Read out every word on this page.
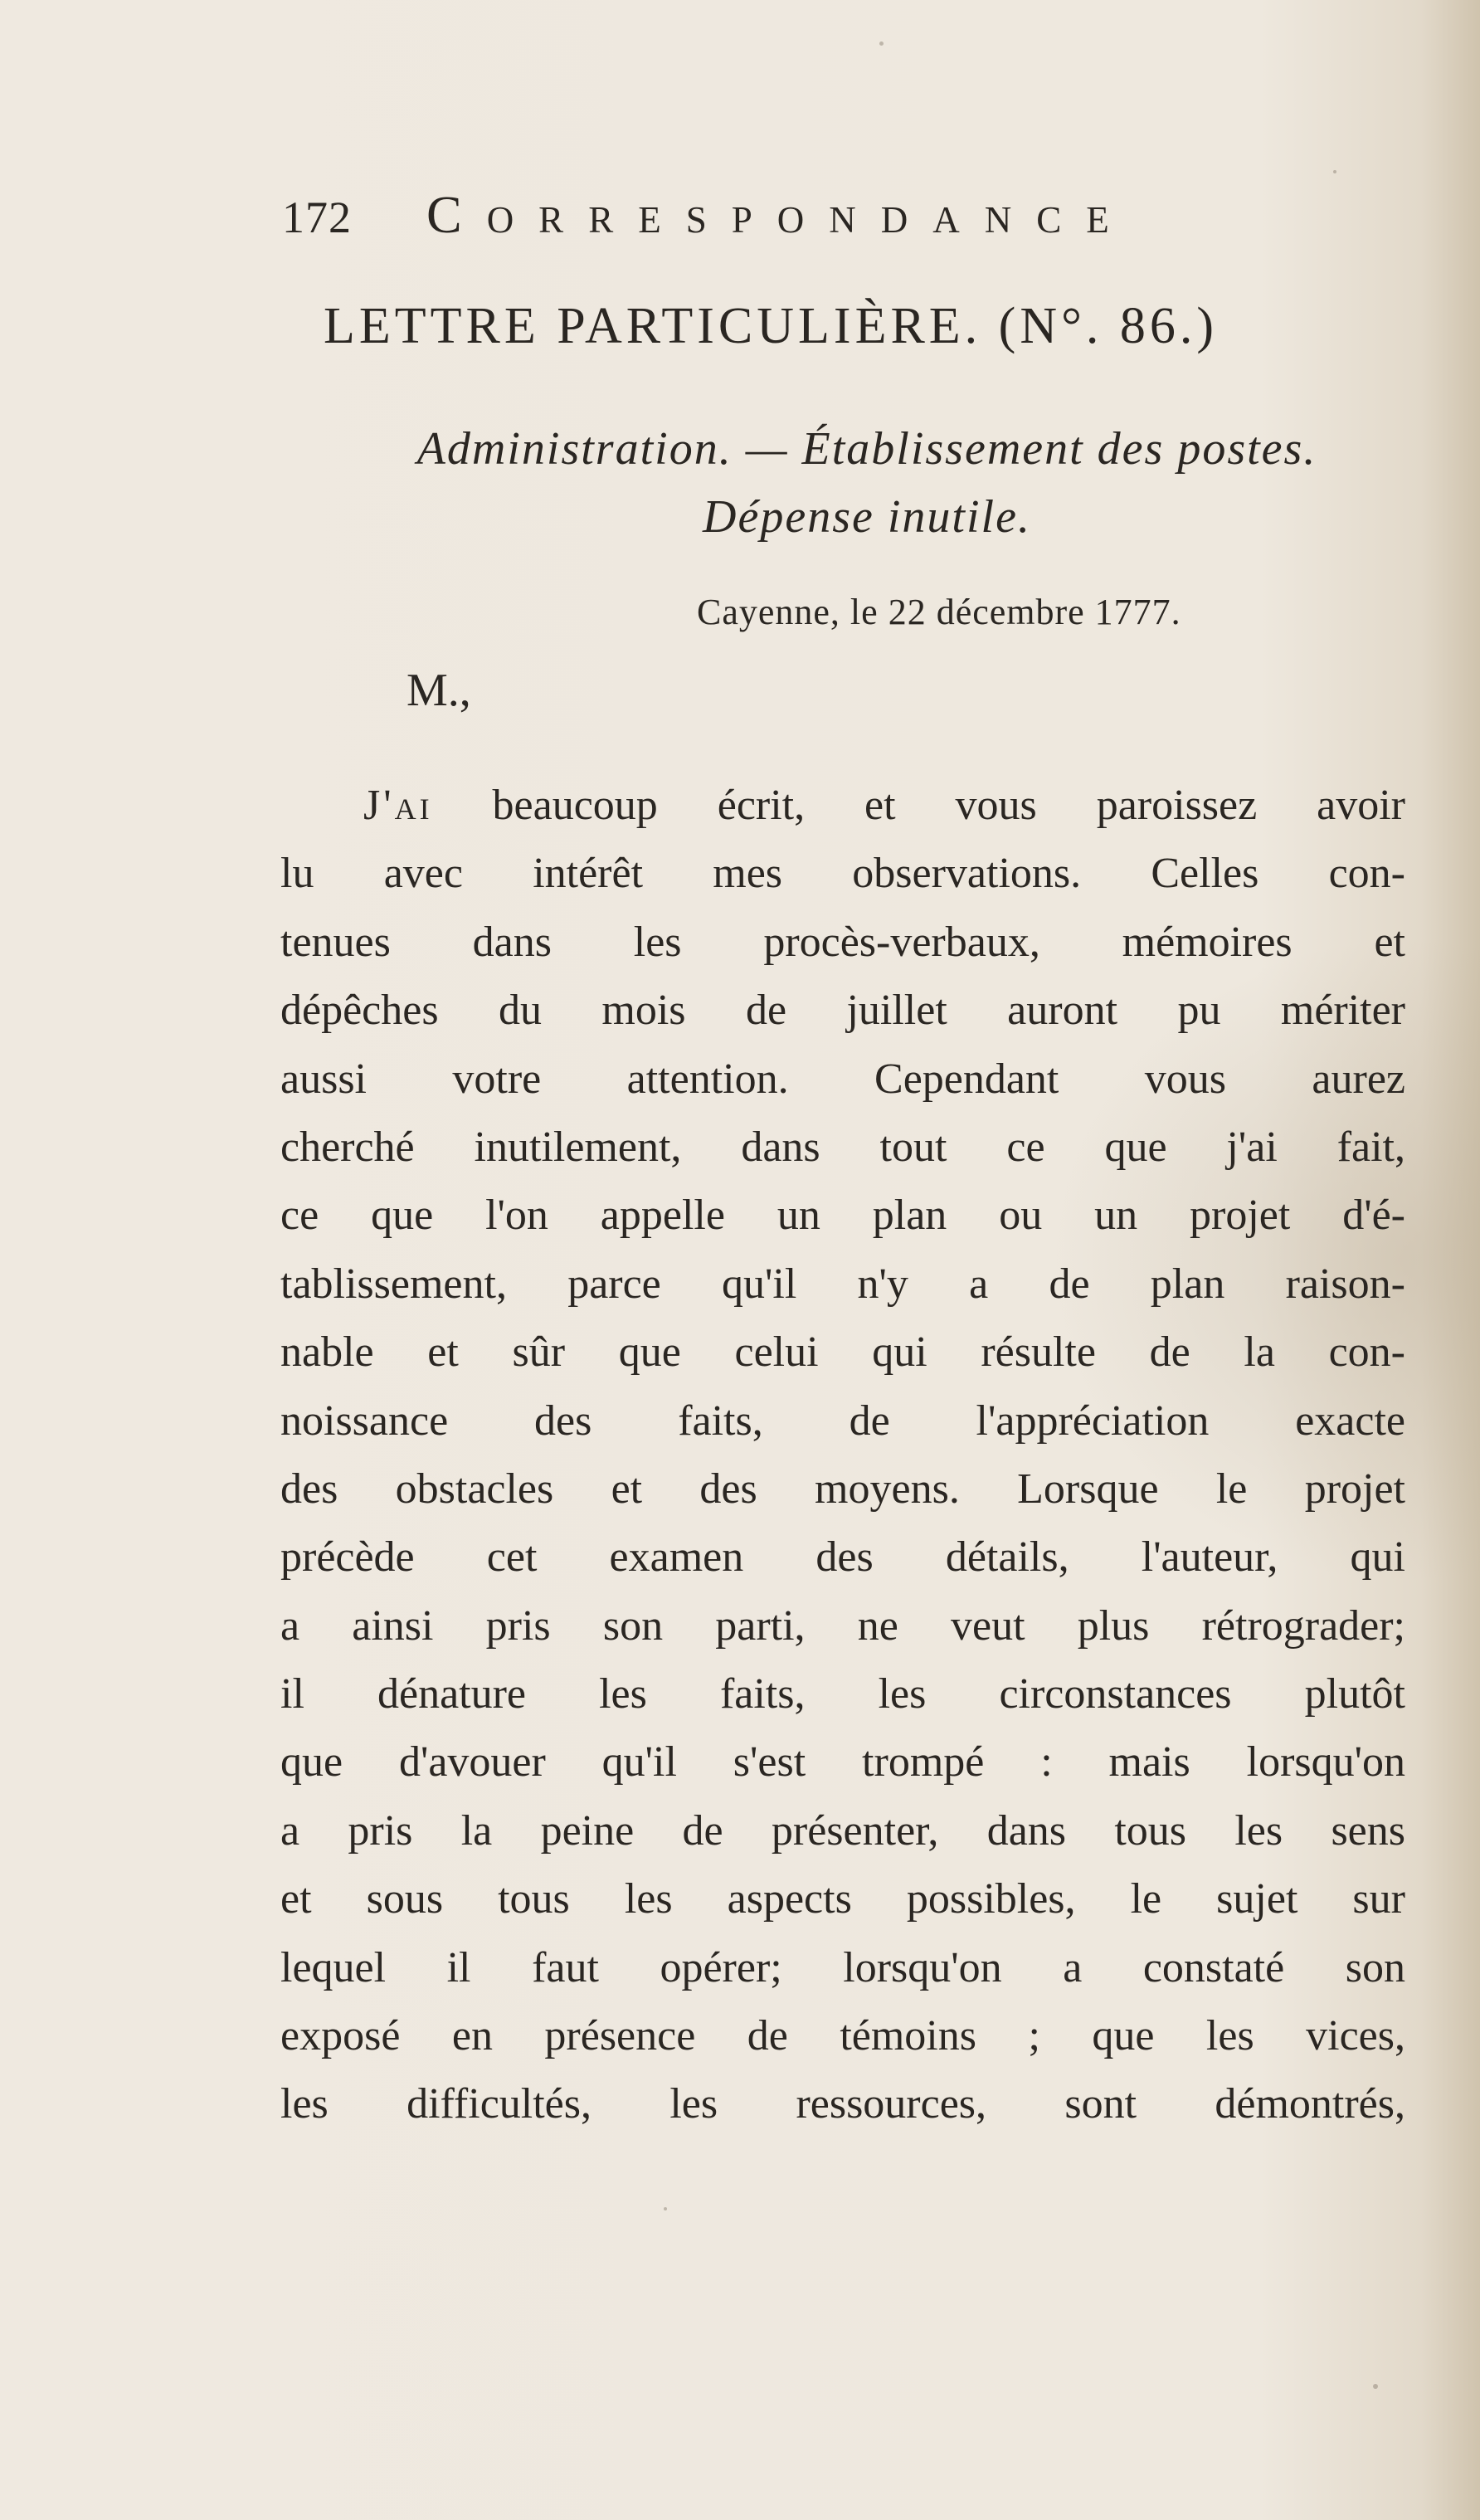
172 Correspondance
LETTRE PARTICULIÈRE. (N°. 86.)
Administration. — Établissement des postes.
Dépense inutile.
Cayenne, le 22 décembre 1777.
M.,
J'ai beaucoup écrit, et vous paroissez avoir
lu avec intérêt mes observations. Celles con-
tenues dans les procès-verbaux, mémoires et
dépêches du mois de juillet auront pu mériter
aussi votre attention. Cependant vous aurez
cherché inutilement, dans tout ce que j'ai fait,
ce que l'on appelle un plan ou un projet d'é-
tablissement, parce qu'il n'y a de plan raison-
nable et sûr que celui qui résulte de la con-
noissance des faits, de l'appréciation exacte
des obstacles et des moyens. Lorsque le projet
précède cet examen des détails, l'auteur, qui
a ainsi pris son parti, ne veut plus rétrograder;
il dénature les faits, les circonstances plutôt
que d'avouer qu'il s'est trompé : mais lorsqu'on
a pris la peine de présenter, dans tous les sens
et sous tous les aspects possibles, le sujet sur
lequel il faut opérer; lorsqu'on a constaté son
exposé en présence de témoins ; que les vices,
les difficultés, les ressources, sont démontrés,
